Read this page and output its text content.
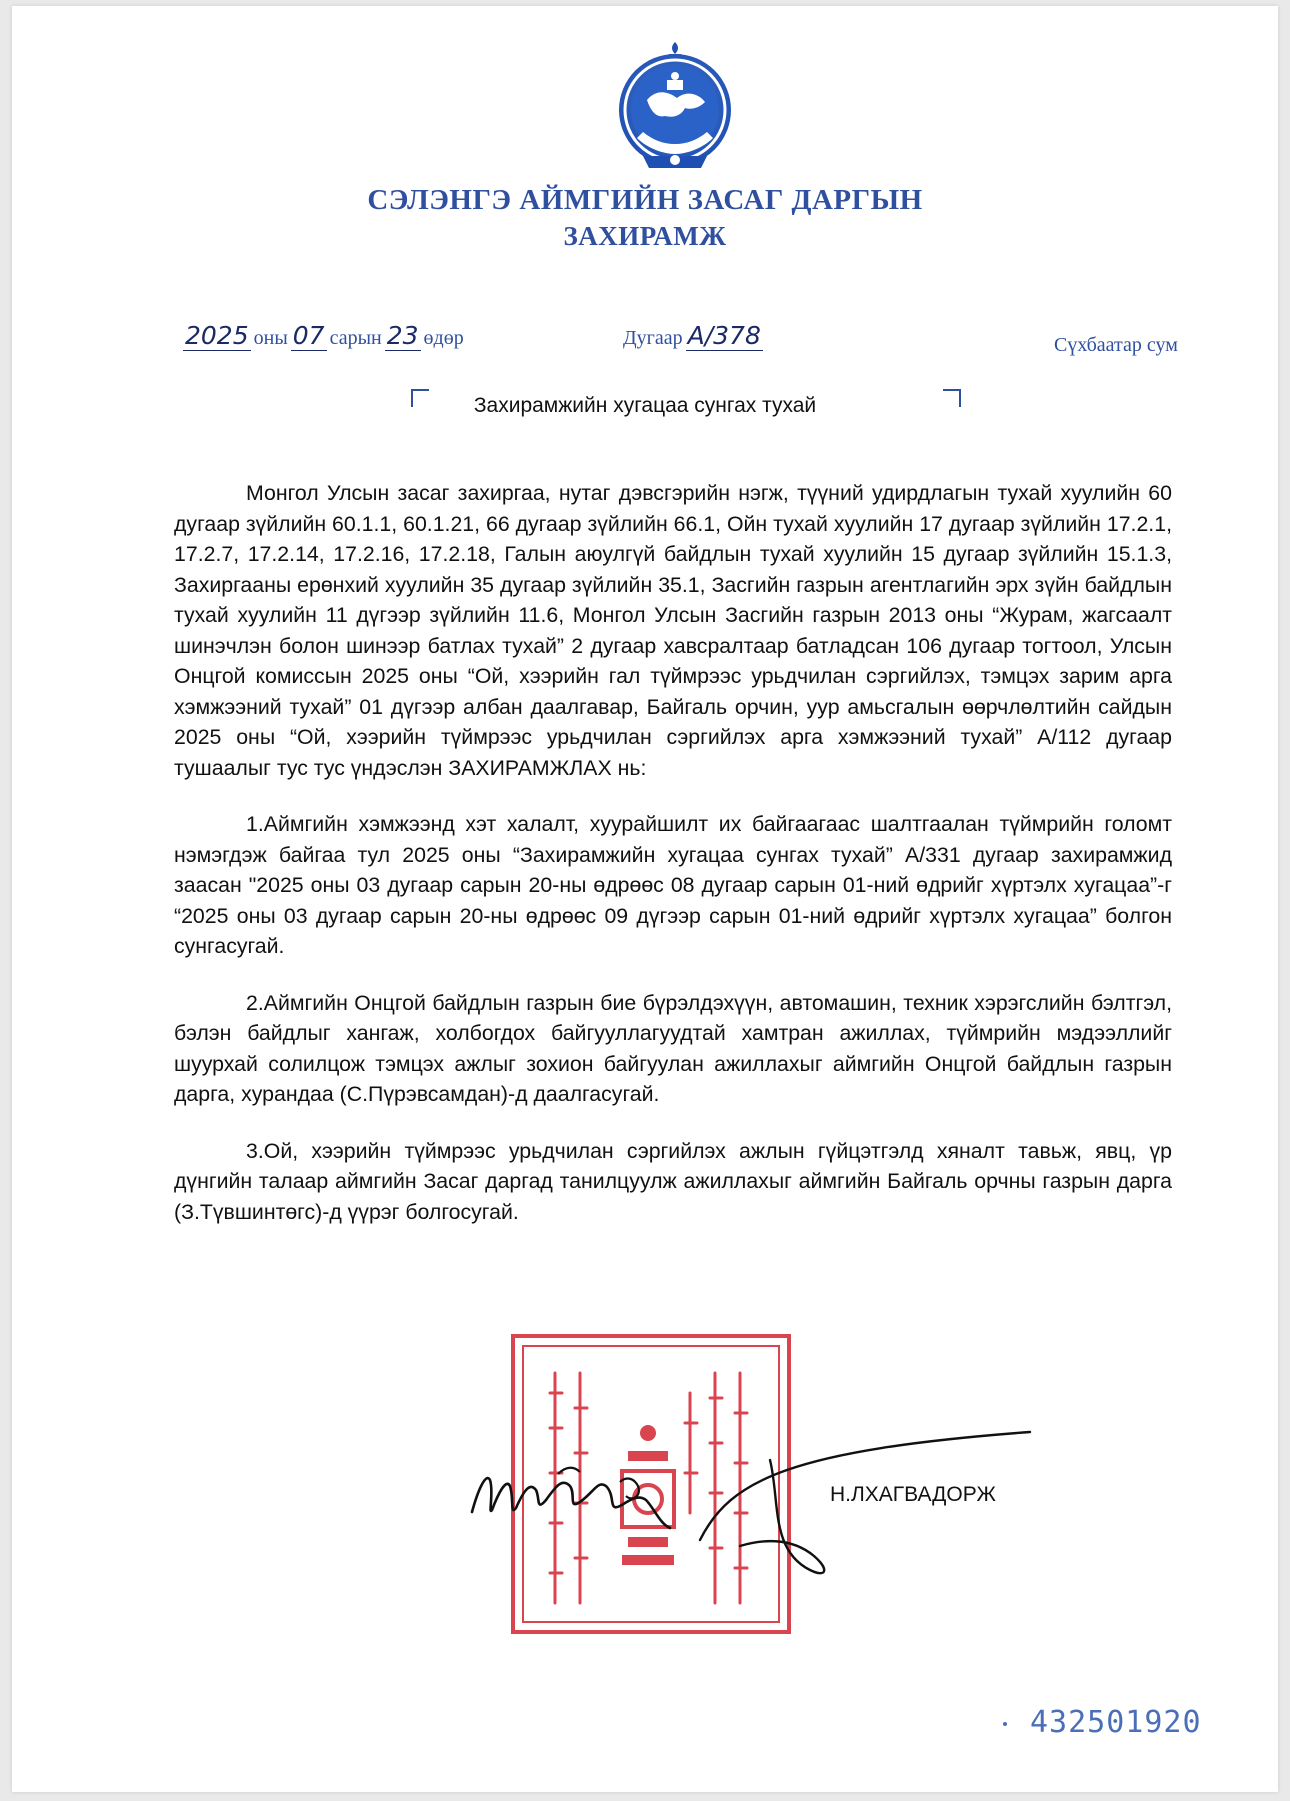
СЭЛЭНГЭ АЙМГИЙН ЗАСАГ ДАРГЫН
ЗАХИРАМЖ
2025 оны 07 сарын 23 өдөр	Дугаар А/378	Сүхбаатар сум
Захирамжийн хугацаа сунгах тухай

Монгол Улсын засаг захиргаа, нутаг дэвсгэрийн нэгж, түүний удирдлагын тухай хуулийн 60 дугаар зүйлийн 60.1.1, 60.1.21, 66 дугаар зүйлийн 66.1, Ойн тухай хуулийн 17 дугаар зүйлийн 17.2.1, 17.2.7, 17.2.14, 17.2.16, 17.2.18, Галын аюулгүй байдлын тухай хуулийн 15 дугаар зүйлийн 15.1.3, Захиргааны ерөнхий хуулийн 35 дугаар зүйлийн 35.1, Засгийн газрын агентлагийн эрх зүйн байдлын тухай хуулийн 11 дүгээр зүйлийн 11.6, Монгол Улсын Засгийн газрын 2013 оны “Журам, жагсаалт шинэчлэн болон шинээр батлах тухай” 2 дугаар хавсралтаар батладсан 106 дугаар тогтоол, Улсын Онцгой комиссын 2025 оны “Ой, хээрийн гал түймрээс урьдчилан сэргийлэх, тэмцэх зарим арга хэмжээний тухай” 01 дүгээр албан даалгавар, Байгаль орчин, уур амьсгалын өөрчлөлтийн сайдын 2025 оны “Ой, хээрийн түймрээс урьдчилан сэргийлэх арга хэмжээний тухай” А/112 дугаар тушаалыг тус тус үндэслэн ЗАХИРАМЖЛАХ нь:

1.Аймгийн хэмжээнд хэт халалт, хуурайшилт их байгаагаас шалтгаалан түймрийн голомт нэмэгдэж байгаа тул 2025 оны “Захирамжийн хугацаа сунгах тухай” А/331 дугаар захирамжид заасан "2025 оны 03 дугаар сарын 20-ны өдрөөс 08 дугаар сарын 01-ний өдрийг хүртэлх хугацаа”-г “2025 оны 03 дугаар сарын 20-ны өдрөөс 09 дүгээр сарын 01-ний өдрийг хүртэлх хугацаа” болгон сунгасугай.

2.Аймгийн Онцгой байдлын газрын бие бүрэлдэхүүн, автомашин, техник хэрэгслийн бэлтгэл, бэлэн байдлыг хангаж, холбогдох байгууллагуудтай хамтран ажиллах, түймрийн мэдээллийг шуурхай солилцож тэмцэх ажлыг зохион байгуулан ажиллахыг аймгийн Онцгой байдлын газрын дарга, хурандаа (С.Пүрэвсамдан)-д даалгасугай.

3.Ой, хээрийн түймрээс урьдчилан сэргийлэх ажлын гүйцэтгэлд хяналт тавьж, явц, үр дүнгийн талаар аймгийн Засаг даргад танилцуулж ажиллахыг аймгийн Байгаль орчны газрын дарга (З.Түвшинтөгс)-д үүрэг болгосугай.

Н.ЛХАГВАДОРЖ
432501920
